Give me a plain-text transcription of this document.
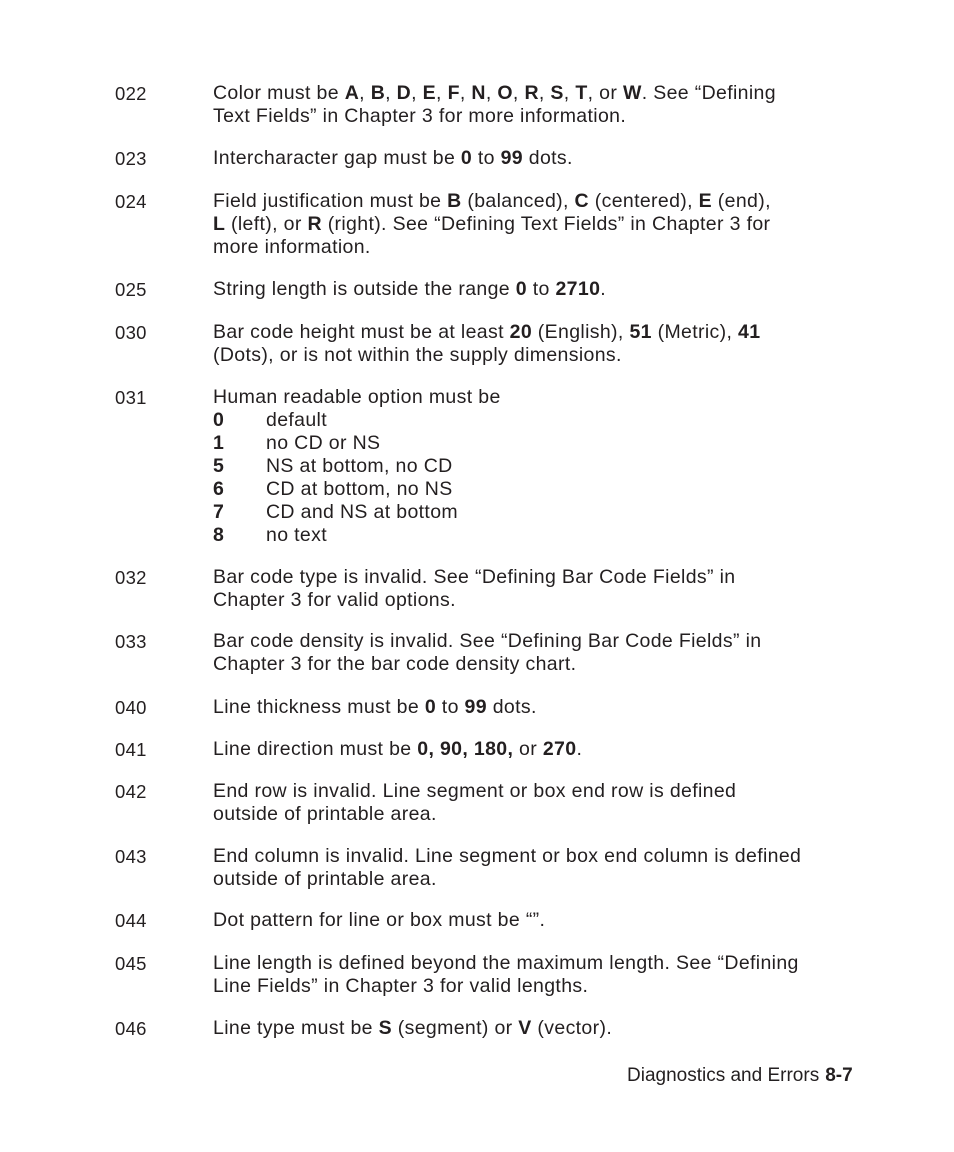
022	Color must be A, B, D, E, F, N, O, R, S, T, or W. See “Defining
Text Fields” in Chapter 3 for more information.
023	Intercharacter gap must be 0 to 99 dots.
024	Field justification must be B (balanced), C (centered), E (end),
L (left), or R (right). See “Defining Text Fields” in Chapter 3 for
more information.
025	String length is outside the range 0 to 2710.
030	Bar code height must be at least 20 (English), 51 (Metric), 41
(Dots), or is not within the supply dimensions.
031	Human readable option must be
0 default
1 no CD or NS
5 NS at bottom, no CD
6 CD at bottom, no NS
7 CD and NS at bottom
8 no text
032	Bar code type is invalid. See “Defining Bar Code Fields” in
Chapter 3 for valid options.
033	Bar code density is invalid. See “Defining Bar Code Fields” in
Chapter 3 for the bar code density chart.
040	Line thickness must be 0 to 99 dots.
041	Line direction must be 0, 90, 180, or 270.
042	End row is invalid. Line segment or box end row is defined
outside of printable area.
043	End column is invalid. Line segment or box end column is defined
outside of printable area.
044	Dot pattern for line or box must be “”.
045	Line length is defined beyond the maximum length. See “Defining
Line Fields” in Chapter 3 for valid lengths.
046	Line type must be S (segment) or V (vector).
Diagnostics and Errors 8-7
